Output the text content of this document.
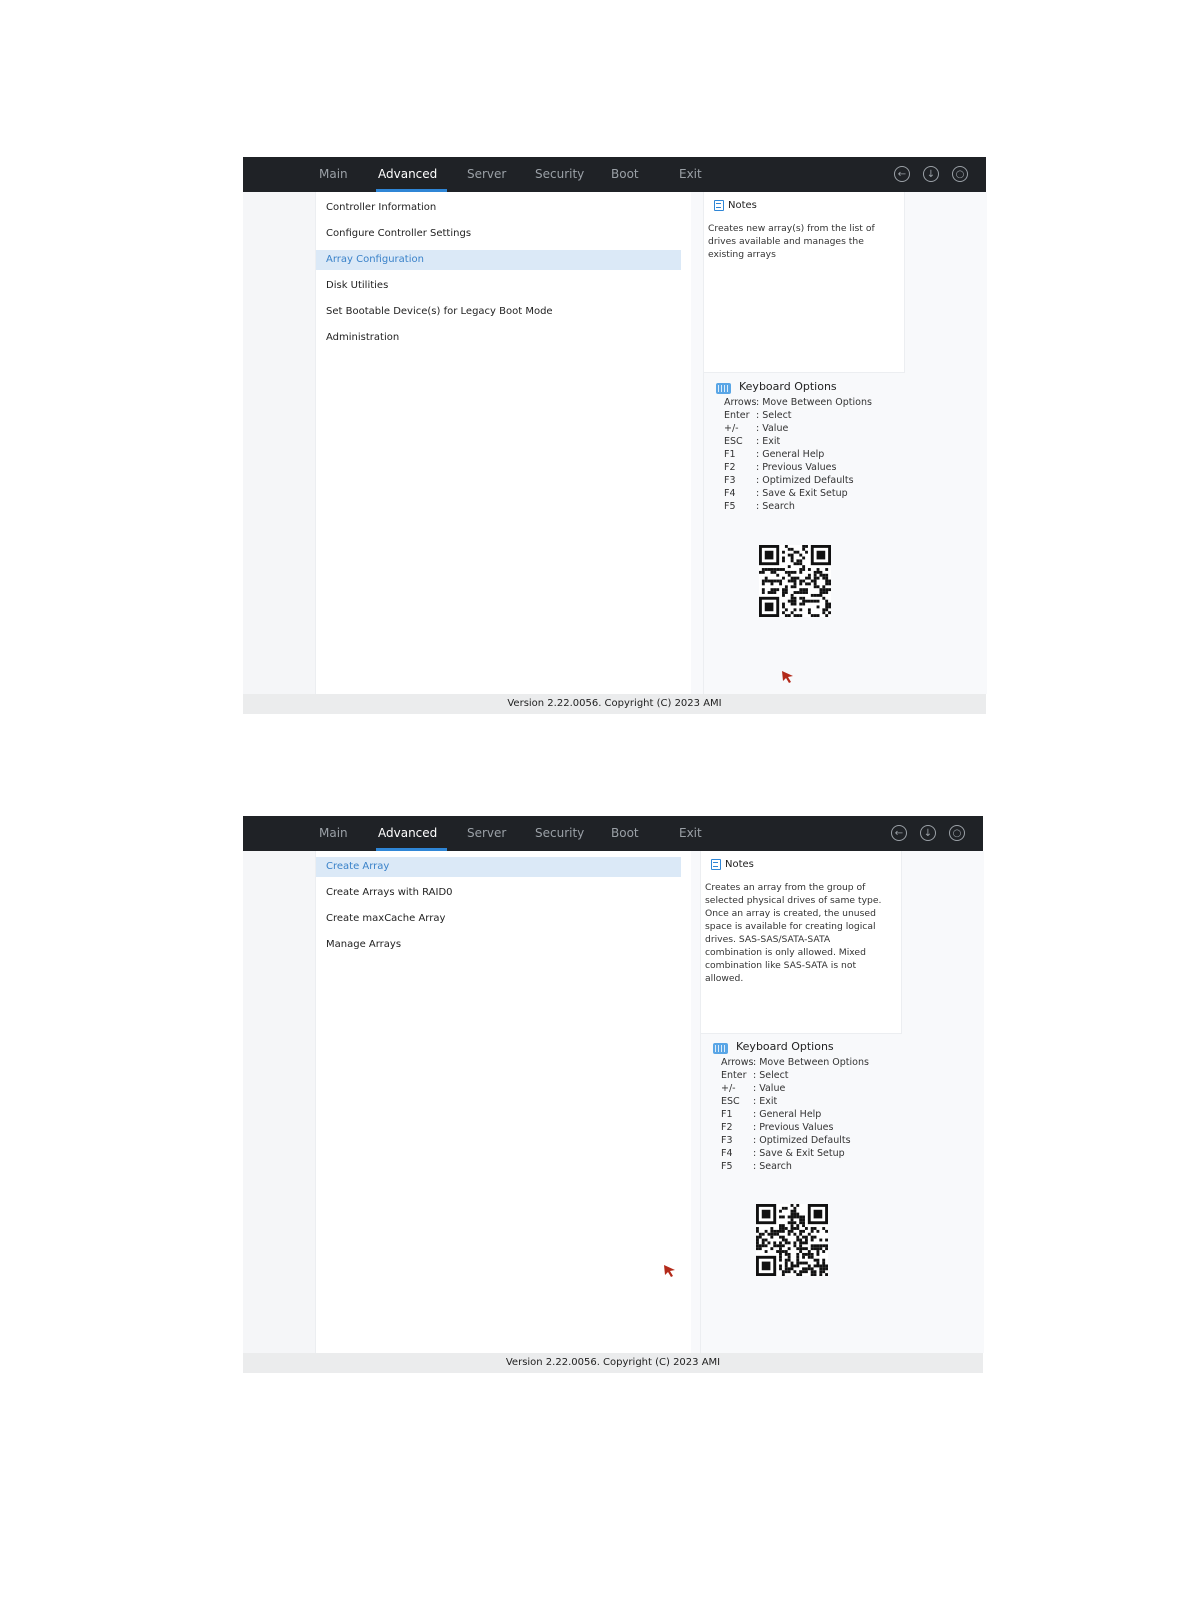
Main	Advanced Server Security Boot	Exit	←	↓	○
Controller Information
Configure Controller Settings
Array Configuration
Disk Utilities
Set Bootable Device(s) for Legacy Boot Mode
Administration
Notes
Creates new array(s) from the list of drives available and manages the existing arrays
Keyboard Options
Arrows: Move Between Options
Enter : Select
+/- : Value
ESC : Exit
F1 : General Help
F2 : Previous Values
F3 : Optimized Defaults
F4 : Save & Exit Setup
F5 : Search
Version 2.22.0056. Copyright (C) 2023 AMI
Main	Advanced Server Security Boot	Exit	←	↓	○
Create Array
Create Arrays with RAID0
Create maxCache Array
Manage Arrays
Notes
Creates an array from the group of selected physical drives of same type. Once an array is created, the unused space is available for creating logical drives. SAS-SAS/SATA-SATA combination is only allowed. Mixed combination like SAS-SATA is not allowed.
Keyboard Options
Arrows: Move Between Options
Enter : Select
+/- : Value
ESC : Exit
F1 : General Help
F2 : Previous Values
F3 : Optimized Defaults
F4 : Save & Exit Setup
F5 : Search
Version 2.22.0056. Copyright (C) 2023 AMI
